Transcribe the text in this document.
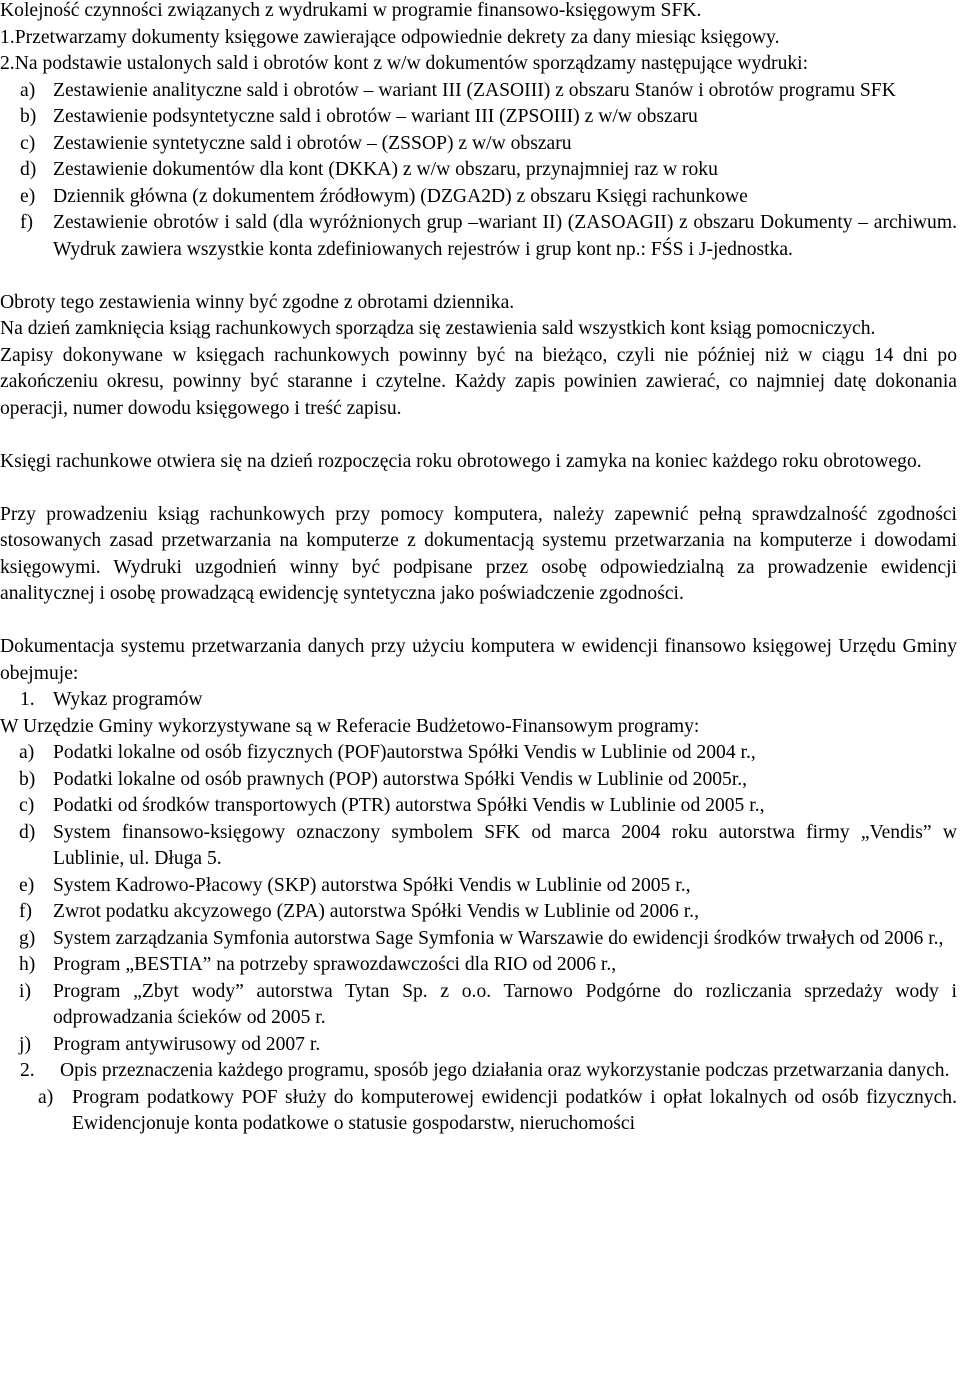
Kolejność czynności związanych z wydrukami w programie finansowo-księgowym SFK.

1.Przetwarzamy dokumenty księgowe zawierające odpowiednie dekrety za dany miesiąc księgowy.

2.Na podstawie ustalonych sald i obrotów kont z w/w dokumentów sporządzamy następujące wydruki:

a) Zestawienie analityczne sald i obrotów – wariant III (ZASOIII) z obszaru Stanów i obrotów programu SFK
b) Zestawienie podsyntetyczne sald i obrotów – wariant III (ZPSOIII) z w/w obszaru
c) Zestawienie syntetyczne sald i obrotów – (ZSSOP) z w/w obszaru
d) Zestawienie dokumentów dla kont (DKKA) z w/w obszaru, przynajmniej raz w roku
e) Dziennik główna (z dokumentem źródłowym) (DZGA2D) z obszaru Księgi rachunkowe
f) Zestawienie obrotów i sald (dla wyróżnionych grup –wariant II) (ZASOAGII) z obszaru Dokumenty – archiwum. Wydruk zawiera wszystkie konta zdefiniowanych rejestrów i grup kont np.: FŚS i J-jednostka.

Obroty tego zestawienia winny być zgodne z obrotami dziennika.

Na dzień zamknięcia ksiąg rachunkowych sporządza się zestawienia sald wszystkich kont ksiąg pomocniczych.

Zapisy dokonywane w księgach rachunkowych powinny być na bieżąco, czyli nie później niż w ciągu 14 dni po zakończeniu okresu, powinny być staranne i czytelne. Każdy zapis powinien zawierać, co najmniej datę dokonania operacji, numer dowodu księgowego i treść zapisu.

Księgi rachunkowe otwiera się na dzień rozpoczęcia roku obrotowego i zamyka na koniec każdego roku obrotowego.

Przy prowadzeniu ksiąg rachunkowych przy pomocy komputera, należy zapewnić pełną sprawdzalność zgodności stosowanych zasad przetwarzania na komputerze z dokumentacją systemu przetwarzania na komputerze i dowodami księgowymi. Wydruki uzgodnień winny być podpisane przez osobę odpowiedzialną za prowadzenie ewidencji analitycznej i osobę prowadzącą ewidencję syntetyczna jako poświadczenie zgodności.

Dokumentacja systemu przetwarzania danych przy użyciu komputera w ewidencji finansowo księgowej Urzędu Gminy obejmuje:

1. Wykaz programów

W Urzędzie Gminy wykorzystywane są w Referacie Budżetowo-Finansowym programy:

a) Podatki lokalne od osób fizycznych (POF)autorstwa Spółki Vendis w Lublinie od 2004 r.,
b) Podatki lokalne od osób prawnych (POP) autorstwa Spółki Vendis w Lublinie od 2005r.,
c) Podatki od środków transportowych (PTR) autorstwa Spółki Vendis w Lublinie od 2005 r.,
d) System finansowo-księgowy oznaczony symbolem SFK od marca 2004 roku autorstwa firmy „Vendis” w Lublinie, ul. Długa 5.
e) System Kadrowo-Płacowy (SKP) autorstwa Spółki Vendis w Lublinie od 2005 r.,
f) Zwrot podatku akcyzowego (ZPA) autorstwa Spółki Vendis w Lublinie od 2006 r.,
g) System zarządzania Symfonia autorstwa Sage Symfonia w Warszawie do ewidencji środków trwałych od 2006 r.,
h) Program „BESTIA” na potrzeby sprawozdawczości dla RIO od 2006 r.,
i) Program „Zbyt wody” autorstwa Tytan Sp. z o.o. Tarnowo Podgórne do rozliczania sprzedaży wody i odprowadzania ścieków od 2005 r.
j) Program antywirusowy od 2007 r.
2. Opis przeznaczenia każdego programu, sposób jego działania oraz wykorzystanie podczas przetwarzania danych.
a) Program podatkowy POF służy do komputerowej ewidencji podatków i opłat lokalnych od osób fizycznych. Ewidencjonuje konta podatkowe o statusie gospodarstw, nieruchomości
